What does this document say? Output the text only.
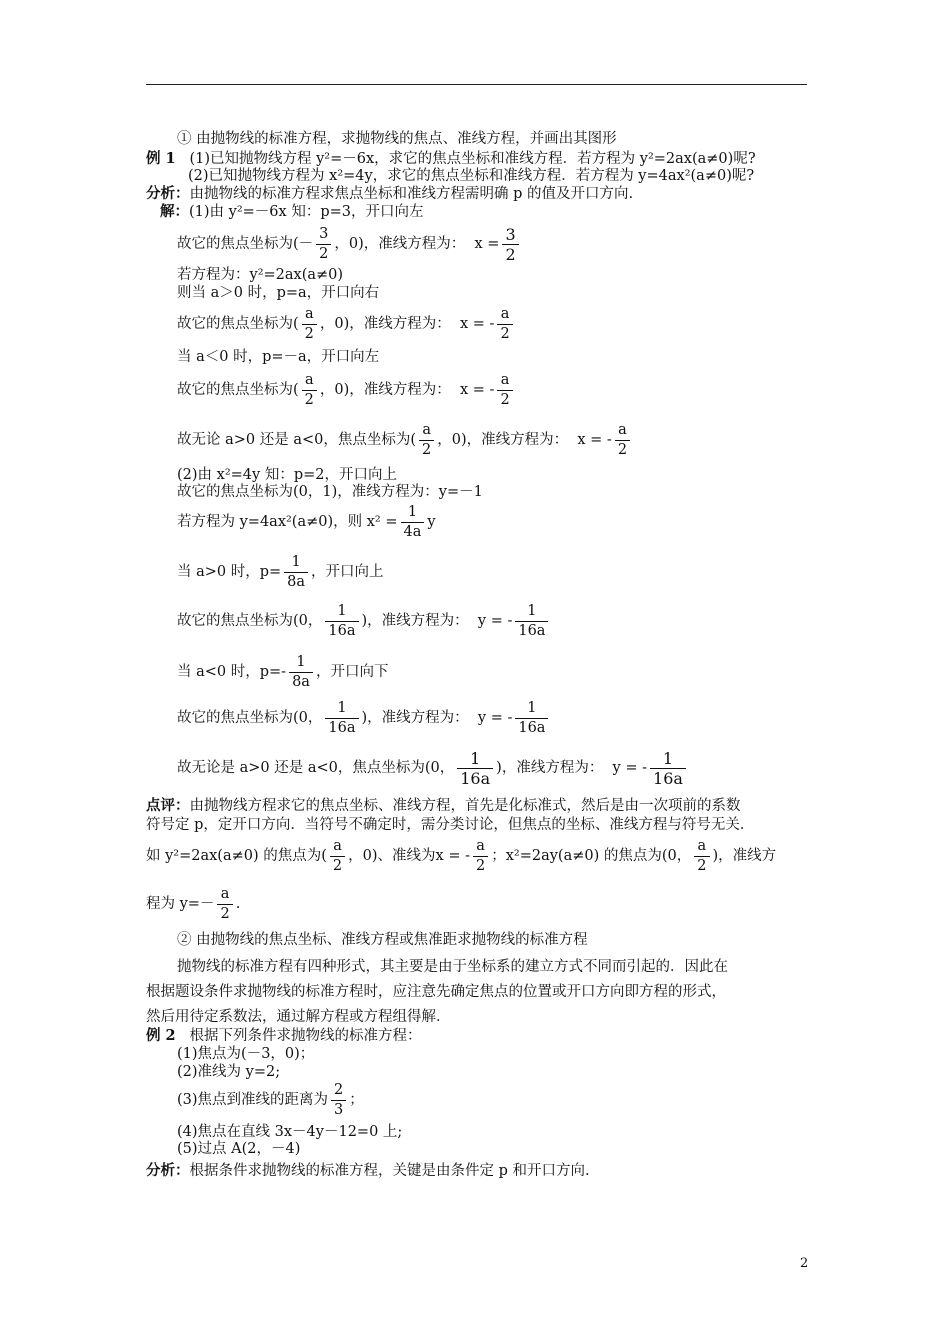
① 由抛物线的标准方程，求抛物线的焦点、准线方程，并画出其图形
例 1 (1)已知抛物线方程 y²=－6x，求它的焦点坐标和准线方程．若方程为 y²=2ax(a≠0)呢?
(2)已知抛物线方程为 x²=4y，求它的焦点坐标和准线方程．若方程为 y=4ax²(a≠0)呢?
分析：由抛物线的标准方程求焦点坐标和准线方程需明确 p 的值及开口方向.
解：(1)由 y²=－6x 知：p=3，开口向左
故它的焦点坐标为(－ $\frac{3}{2}$ ，0)，准线方程为： $x = \frac{3}{2}$
若方程为：y²=2ax(a≠0)
则当 a＞0 时，p=a，开口向右
故它的焦点坐标为( $\frac{a}{2}$ ，0)，准线方程为： x = - $\frac{a}{2}$
当 a＜0 时，p=－a，开口向左
故它的焦点坐标为( $\frac{a}{2}$ ，0)，准线方程为： x = - $\frac{a}{2}$
故无论 a>0 还是 a<0，焦点坐标为( $\frac{a}{2}$ ，0)，准线方程为： x = - $\frac{a}{2}$
(2)由 x²=4y 知：p=2，开口向上
故它的焦点坐标为(0，1)，准线方程为：y=－1
若方程为 y=4ax²(a≠0)，则 $x^2 = \frac{1}{4a}$ y
当 a>0 时，$p= \frac{1}{8a}$ ，开口向上
故它的焦点坐标为(0， $\frac{1}{16a}$ )，准线方程为： y = - $\frac{1}{16a}$
当 a<0 时，$p=- \frac{1}{8a}$ ，开口向下
故它的焦点坐标为(0， $\frac{1}{16a}$ )，准线方程为： y = - $\frac{1}{16a}$
故无论是 a>0 还是 a<0，焦点坐标为(0， $\frac{1}{16a}$ )，准线方程为： y = - $\frac{1}{16a}$
点评：由抛物线方程求它的焦点坐标、准线方程，首先是化标准式，然后是由一次项前的系数
符号定 p，定开口方向．当符号不确定时，需分类讨论，但焦点的坐标、准线方程与符号无关．
如 y²=2ax(a≠0) 的焦点为( $\frac{a}{2}$ ，0)、准线为x = - $\frac{a}{2}$ ；x²=2ay(a≠0) 的焦点为(0， $\frac{a}{2}$ )，准线方
程为 $y=- \frac{a}{2}$ .
② 由抛物线的焦点坐标、准线方程或焦准距求抛物线的标准方程
抛物线的标准方程有四种形式，其主要是由于坐标系的建立方式不同而引起的．因此在
根据题设条件求抛物线的标准方程时，应注意先确定焦点的位置或开口方向即方程的形式，
然后用待定系数法，通过解方程或方程组得解．
例 2 根据下列条件求抛物线的标准方程：
(1)焦点为(－3，0)；
(2)准线为 y=2;
(3)焦点到准线的距离为 $\frac{2}{3}$ ；
(4)焦点在直线 3x－4y－12=0 上;
(5)过点 A(2，－4)
分析：根据条件求抛物线的标准方程，关键是由条件定 p 和开口方向.
2
